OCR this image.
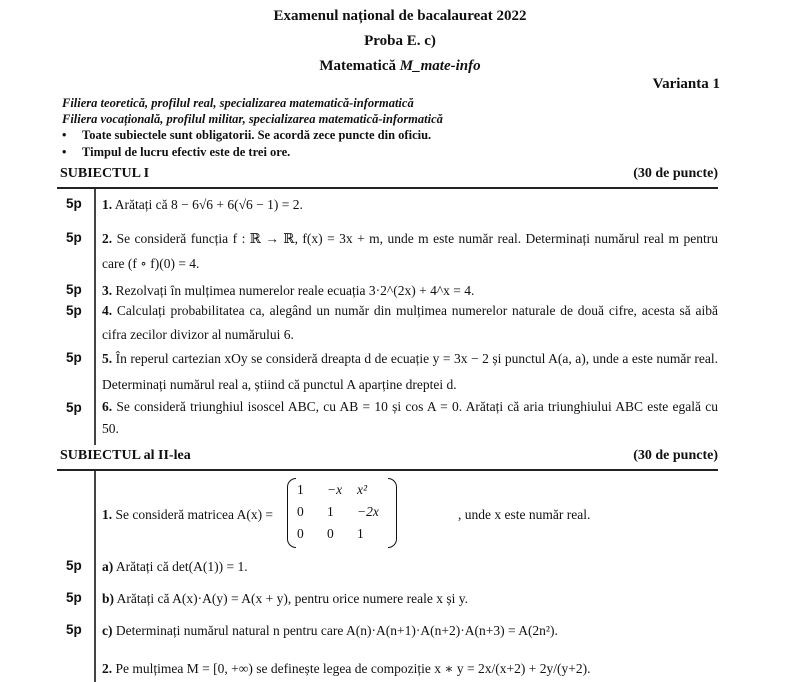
Examenul național de bacalaureat 2022
Proba E. c)
Matematică M_mate-info
Varianta 1
Filiera teoretică, profilul real, specializarea matematică-informatică
Filiera vocațională, profilul militar, specializarea matematică-informatică
• Toate subiectele sunt obligatorii. Se acordă zece puncte din oficiu.
• Timpul de lucru efectiv este de trei ore.
SUBIECTUL I	(30 de puncte)
5p 1. Arătați că 8 − 6√6 + 6(√6 − 1) = 2.
5p 2. Se consideră funcția f : ℝ → ℝ, f(x) = 3x + m, unde m este număr real. Determinați numărul real m pentru care (f ∘ f)(0) = 4.
5p 3. Rezolvați în mulțimea numerelor reale ecuația 3·2^(2x) + 4^x = 4.
5p 4. Calculați probabilitatea ca, alegând un număr din mulțimea numerelor naturale de două cifre, acesta să aibă cifra zecilor divizor al numărului 6.
5p 5. În reperul cartezian xOy se consideră dreapta d de ecuație y = 3x − 2 și punctul A(a, a), unde a este număr real. Determinați numărul real a, știind că punctul A aparține dreptei d.
5p 6. Se consideră triunghiul isoscel ABC, cu AB = 10 și cos A = 0. Arătați că aria triunghiului ABC este egală cu 50.
SUBIECTUL al II-lea	(30 de puncte)
1. Se consideră matricea A(x) =
1	−x	x²
0	1	−2x
0	0	1
, unde x este număr real.
5p a) Arătați că det(A(1)) = 1.
5p b) Arătați că A(x)·A(y) = A(x + y), pentru orice numere reale x și y.
5p c) Determinați numărul natural n pentru care A(n)·A(n+1)·A(n+2)·A(n+3) = A(2n²).
2. Pe mulțimea M = [0, +∞) se definește legea de compoziție x ∗ y = 2x/(x+2) + 2y/(y+2).
